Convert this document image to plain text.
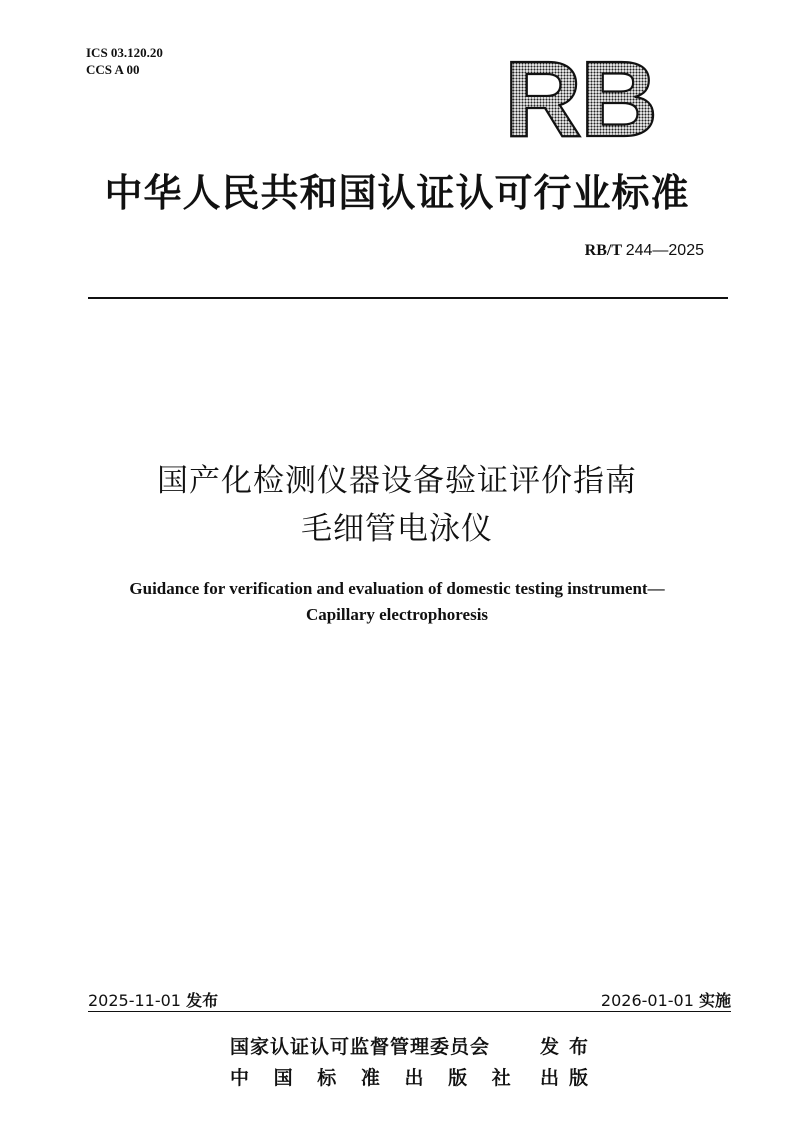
ICS 03.120.20
CCS A 00	RB
中华人民共和国认证认可行业标准
RB/T 244—2025
国产化检测仪器设备验证评价指南
毛细管电泳仪
Guidance for verification and evaluation of domestic testing instrument—
Capillary electrophoresis
2025-11-01 发布	2026-01-01 实施
国家认证认可监督管理委员会	发布
中 国 标 准 出 版 社 出版
